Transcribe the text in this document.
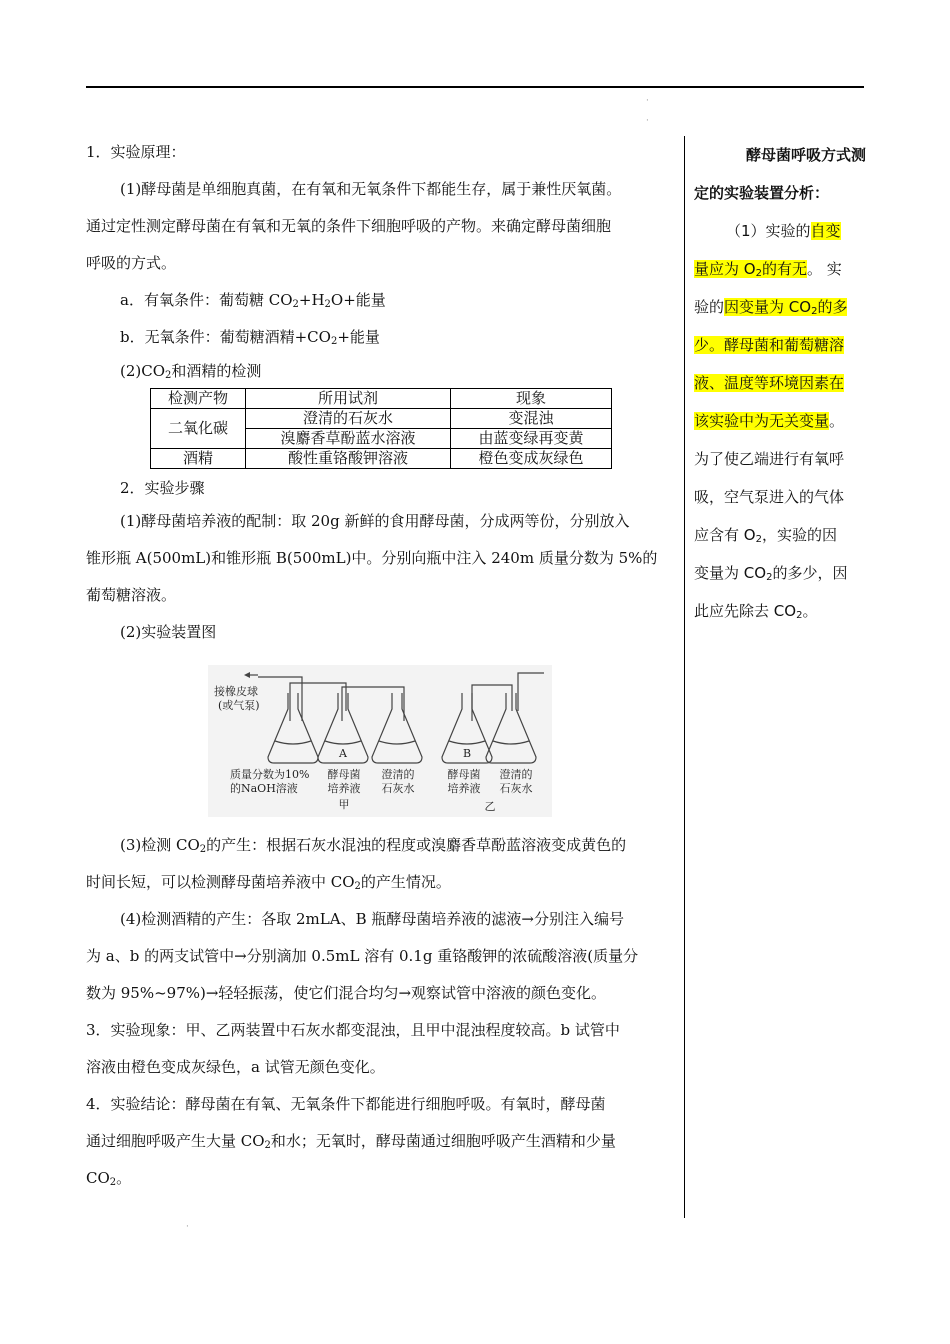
·
·
·

1．实验原理：

(1)酵母菌是单细胞真菌，在有氧和无氧条件下都能生存，属于兼性厌氧菌。

通过定性测定酵母菌在有氧和无氧的条件下细胞呼吸的产物。来确定酵母菌细胞

呼吸的方式。

a．有氧条件：葡萄糖 $CO_2+H_2O+$能量

b．无氧条件：葡萄糖酒精$+CO_2+$能量

$(2)CO_2$和酒精的检测

检测产物	所用试剂	现象
二氧化碳	澄清的石灰水	变混浊
	溴麝香草酚蓝水溶液	由蓝变绿再变黄
酒精	酸性重铬酸钾溶液	橙色变成灰绿色

2．实验步骤

(1)酵母菌培养液的配制：取 20g 新鲜的食用酵母菌，分成两等份，分别放入

锥形瓶 A(500mL)和锥形瓶 B(500mL)中。分别向瓶中注入 240m 质量分数为 5%的

葡萄糖溶液。

(2)实验装置图

接橡皮球
(或气泵)
A	B
质量分数为10%
的NaOH溶液
酵母菌
培养液
澄清的
石灰水
酵母菌
培养液
澄清的
石灰水
甲	乙

(3)检测 $CO_2$的产生：根据石灰水混浊的程度或溴麝香草酚蓝溶液变成黄色的

时间长短，可以检测酵母菌培养液中 $CO_2$的产生情况。

(4)检测酒精的产生：各取 2mLA、B 瓶酵母菌培养液的滤液→分别注入编号

为 a、b 的两支试管中→分别滴加 0.5mL 溶有 0.1g 重铬酸钾的浓硫酸溶液(质量分

数为 95%~97%)→轻轻振荡，使它们混合均匀→观察试管中溶液的颜色变化。

3．实验现象：甲、乙两装置中石灰水都变混浊，且甲中混浊程度较高。b 试管中

溶液由橙色变成灰绿色，a 试管无颜色变化。

4．实验结论：酵母菌在有氧、无氧条件下都能进行细胞呼吸。有氧时，酵母菌

通过细胞呼吸产生大量 $CO_2$和水；无氧时，酵母菌通过细胞呼吸产生酒精和少量

$CO_2$。

酵母菌呼吸方式测

定的实验装置分析：

（1）实验的自变

量应为 $O_2$的有无。 实

验的因变量为 $CO_2$的多

少。酵母菌和葡萄糖溶

液、温度等环境因素在

该实验中为无关变量。

为了使乙端进行有氧呼

吸，空气泵进入的气体

应含有 $O_2$，实验的因

变量为 $CO_2$的多少，因

此应先除去 $CO_2$。
